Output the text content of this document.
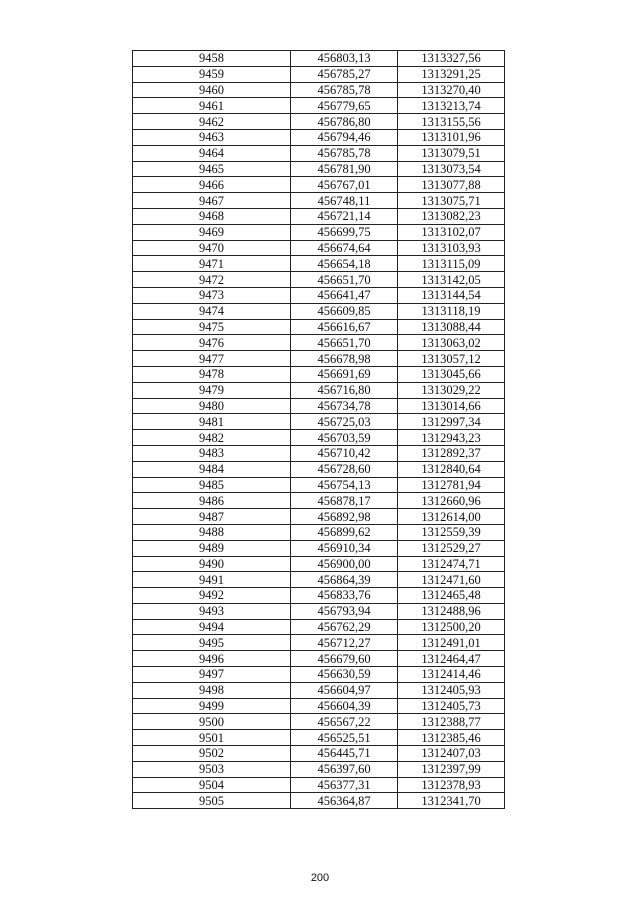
9458	456803,13	1313327,56
9459	456785,27	1313291,25
9460	456785,78	1313270,40
9461	456779,65	1313213,74
9462	456786,80	1313155,56
9463	456794,46	1313101,96
9464	456785,78	1313079,51
9465	456781,90	1313073,54
9466	456767,01	1313077,88
9467	456748,11	1313075,71
9468	456721,14	1313082,23
9469	456699,75	1313102,07
9470	456674,64	1313103,93
9471	456654,18	1313115,09
9472	456651,70	1313142,05
9473	456641,47	1313144,54
9474	456609,85	1313118,19
9475	456616,67	1313088,44
9476	456651,70	1313063,02
9477	456678,98	1313057,12
9478	456691,69	1313045,66
9479	456716,80	1313029,22
9480	456734,78	1313014,66
9481	456725,03	1312997,34
9482	456703,59	1312943,23
9483	456710,42	1312892,37
9484	456728,60	1312840,64
9485	456754,13	1312781,94
9486	456878,17	1312660,96
9487	456892,98	1312614,00
9488	456899,62	1312559,39
9489	456910,34	1312529,27
9490	456900,00	1312474,71
9491	456864,39	1312471,60
9492	456833,76	1312465,48
9493	456793,94	1312488,96
9494	456762,29	1312500,20
9495	456712,27	1312491,01
9496	456679,60	1312464,47
9497	456630,59	1312414,46
9498	456604,97	1312405,93
9499	456604,39	1312405,73
9500	456567,22	1312388,77
9501	456525,51	1312385,46
9502	456445,71	1312407,03
9503	456397,60	1312397,99
9504	456377,31	1312378,93
9505	456364,87	1312341,70
200
